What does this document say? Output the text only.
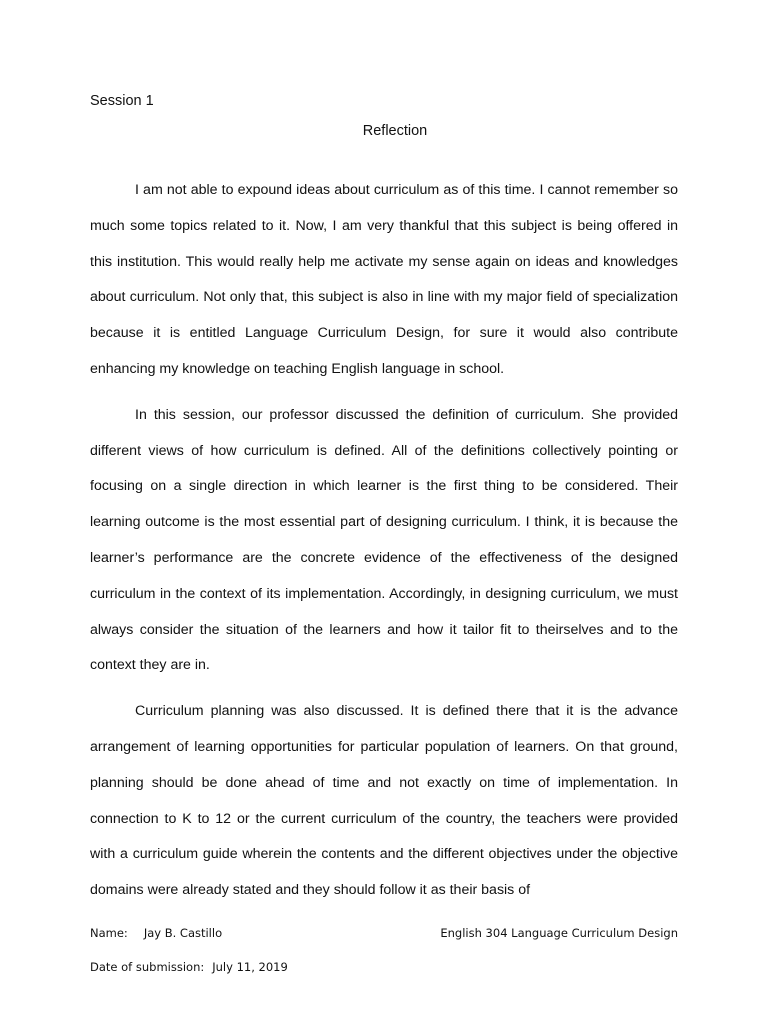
Session 1
Reflection

I am not able to expound ideas about curriculum as of this time. I cannot remember so much some topics related to it. Now, I am very thankful that this subject is being offered in this institution. This would really help me activate my sense again on ideas and knowledges about curriculum. Not only that, this subject is also in line with my major field of specialization because it is entitled Language Curriculum Design, for sure it would also contribute enhancing my knowledge on teaching English language in school.

In this session, our professor discussed the definition of curriculum. She provided different views of how curriculum is defined. All of the definitions collectively pointing or focusing on a single direction in which learner is the first thing to be considered. Their learning outcome is the most essential part of designing curriculum. I think, it is because the learner’s performance are the concrete evidence of the effectiveness of the designed curriculum in the context of its implementation. Accordingly, in designing curriculum, we must always consider the situation of the learners and how it tailor fit to theirselves and to the context they are in.

Curriculum planning was also discussed. It is defined there that it is the advance arrangement of learning opportunities for particular population of learners. On that ground, planning should be done ahead of time and not exactly on time of implementation. In connection to K to 12 or the current curriculum of the country, the teachers were provided with a curriculum guide wherein the contents and the different objectives under the objective domains were already stated and they should follow it as their basis of

Name: Jay B. Castillo	English 304 Language Curriculum Design
Date of submission: July 11, 2019
